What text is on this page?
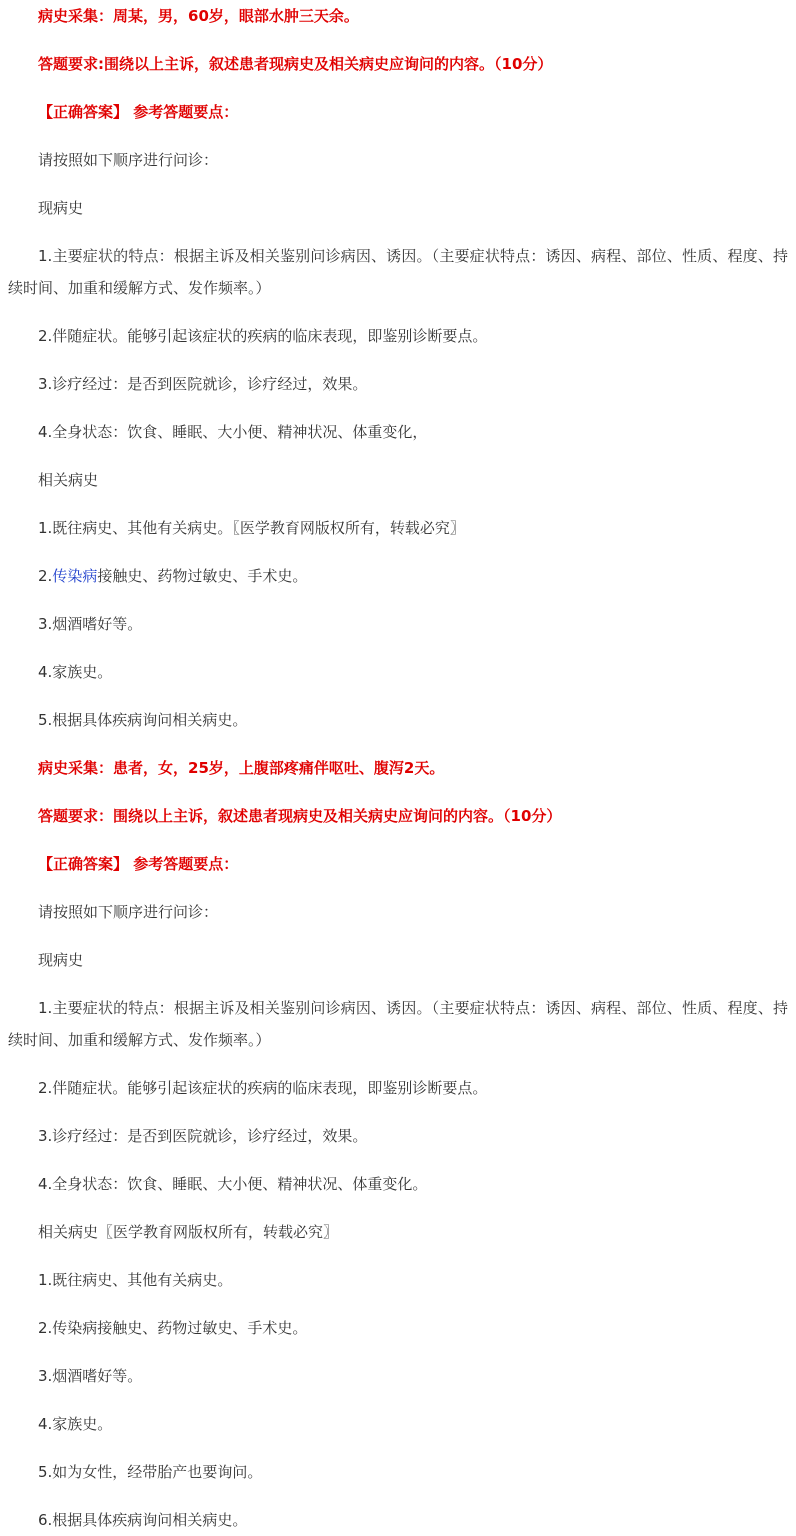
病史采集：周某，男，60岁，眼部水肿三天余。

答题要求:围绕以上主诉，叙述患者现病史及相关病史应询问的内容。（10分）

【正确答案】 参考答题要点：

请按照如下顺序进行问诊：

现病史

1.主要症状的特点：根据主诉及相关鉴别问诊病因、诱因。（主要症状特点：诱因、病程、部位、性质、程度、持续时间、加重和缓解方式、发作频率。）

2.伴随症状。能够引起该症状的疾病的临床表现，即鉴别诊断要点。

3.诊疗经过：是否到医院就诊，诊疗经过，效果。

4.全身状态：饮食、睡眠、大小便、精神状况、体重变化，

相关病史

1.既往病史、其他有关病史。〖医学教育网版权所有，转载必究〗

2.传染病接触史、药物过敏史、手术史。

3.烟酒嗜好等。

4.家族史。

5.根据具体疾病询问相关病史。

病史采集：患者，女，25岁，上腹部疼痛伴呕吐、腹泻2天。

答题要求：围绕以上主诉，叙述患者现病史及相关病史应询问的内容。（10分）

【正确答案】 参考答题要点：

请按照如下顺序进行问诊：

现病史

1.主要症状的特点：根据主诉及相关鉴别问诊病因、诱因。（主要症状特点：诱因、病程、部位、性质、程度、持续时间、加重和缓解方式、发作频率。）

2.伴随症状。能够引起该症状的疾病的临床表现，即鉴别诊断要点。

3.诊疗经过：是否到医院就诊，诊疗经过，效果。

4.全身状态：饮食、睡眠、大小便、精神状况、体重变化。

相关病史〖医学教育网版权所有，转载必究〗

1.既往病史、其他有关病史。

2.传染病接触史、药物过敏史、手术史。

3.烟酒嗜好等。

4.家族史。

5.如为女性，经带胎产也要询问。

6.根据具体疾病询问相关病史。
